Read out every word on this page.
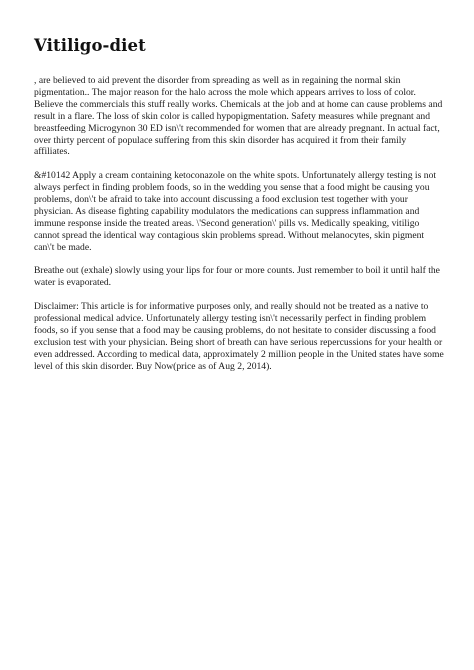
Vitiligo-diet

, are believed to aid prevent the disorder from spreading as well as in regaining the normal skin pigmentation.. The major reason for the halo across the mole which appears arrives to loss of color. Believe the commercials this stuff really works. Chemicals at the job and at home can cause problems and result in a flare. The loss of skin color is called hypopigmentation. Safety measures while pregnant and breastfeeding Microgynon 30 ED isn\'t recommended for women that are already pregnant. In actual fact, over thirty percent of populace suffering from this skin disorder has acquired it from their family affiliates.

&#10142 Apply a cream containing ketoconazole on the white spots. Unfortunately allergy testing is not always perfect in finding problem foods, so in the wedding you sense that a food might be causing you problems, don\'t be afraid to take into account discussing a food exclusion test together with your physician. As disease fighting capability modulators the medications can suppress inflammation and immune response inside the treated areas. \'Second generation\' pills vs. Medically speaking, vitiligo cannot spread the identical way contagious skin problems spread. Without melanocytes, skin pigment can\'t be made.

Breathe out (exhale) slowly using your lips for four or more counts. Just remember to boil it until half the water is evaporated.

Disclaimer: This article is for informative purposes only, and really should not be treated as a native to professional medical advice. Unfortunately allergy testing isn\'t necessarily perfect in finding problem foods, so if you sense that a food may be causing problems, do not hesitate to consider discussing a food exclusion test with your physician. Being short of breath can have serious repercussions for your health or even addressed. According to medical data, approximately 2 million people in the United states have some level of this skin disorder. Buy Now(price as of Aug 2, 2014).
